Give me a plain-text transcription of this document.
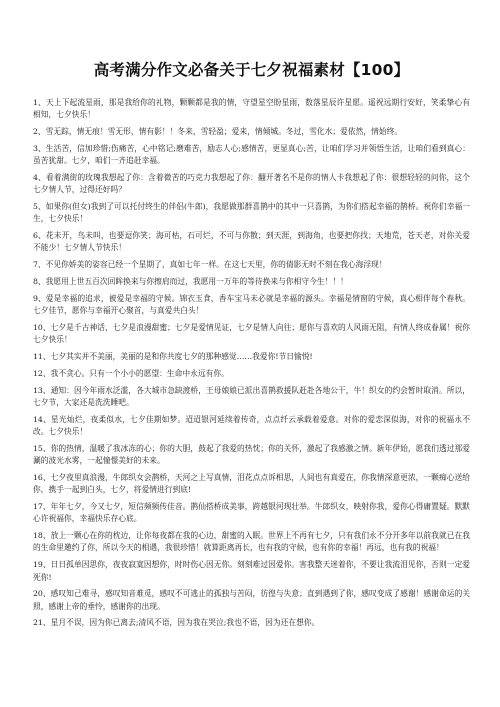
高考满分作文必备关于七夕祝福素材【100】
1、天上下起流星雨，那是我给你的礼物，颗颗都是我的情，守望星空盼星雨，数落星辰许星愿。遥祝远期行安好，笑柔挚心有相知，七夕快乐！
2、雪无踪，情无痕！雪无形，情有影！！冬来，雪轻盈；爱来，情倾城。冬过，雪化水；爱依然，情始终。
3、生活苦，信加珍惜;伤痛苦，心中铭记;磨难苦，励志人心;感情苦，更显真心;苦，让咱们学习并领悟生活，让咱们看到真心：虽苦犹甜。七夕，咱们一齐追赶幸福。
4、看着满街的玫瑰我想起了你：含着微苦的巧克力我想起了你：翻开著名不是你的情人卡我想起了你：很想轻轻的问你，这个七夕情人节，过得还好吗？
5、如果你(但女)我到了可以托付终生的伴侣(牛郎)，我愿做那群喜鹊中的其中一只喜鹊，为你们搭起幸福的鹊桥。祝你们幸福一生，七夕快乐！
6、花未开，鸟未叫，也要逗你笑；海可枯，石可烂，不可与你散；到天涯，到海角，也要把你找；天地荒，苍天老，对你关爱不能少！七夕情人节快乐！
7、不见你娇美的姿容已经一个星期了，真如七年一样。在这七天里，你的倩影无时不刻在我心海浮现！
8、我愿用上世五百次回眸换来与你擦肩而过，我愿用一万年的等待换来与你相守今生！！！
9、爱是幸福的追求，被爱是幸福的守候。锦衣玉食，香车宝马未必就是幸福的源头。幸福是情窗的守候，真心相伴每个春秋。七夕佳节，愿你与幸福开心聚首，与真爱共白头！
10、七夕是千古神话，七夕是浪漫甜蜜；七夕是爱情见证，七夕是情人向往；愿你与喜欢的人风雨无阻，有情人终成眷属！祝你七夕快乐！
11、七夕其实并不美丽，美丽的是和你共度七夕的那种感觉……我爱你!节日愉悦!
12、我不贪心。只有一个小小的愿望：生命中永远有你。
13、通知：因今年雨水泛滥，各大城市急缺渡桥，王母娘娘已派出喜鹊救援队赶赴各地公干，牛！织女的约会暂时取消。所以，七夕节，大家还是洗洗睡吧。
14、星光灿烂，夜柔似水，七夕佳期如梦。迢迢银河延续着传奇，点点纤云承载着爱意。对你的爱恋深似海，对你的祝福永不改。七夕快乐！
15、你的热情，温暖了我冰冻的心；你的大胆，鼓起了我爱的热忱；你的关怀，激起了我感激之情。新年伊始，愿我们透过那爱涮的波光水雾，一起憧憬美好的未来。
16、七夕夜里真浪漫，牛郎织女会鹊桥，天河之上写真情，泪花点点诉相思，人间也有真爱在，你我情深意更浓，一颗痴心送给你，携手一起到白头，七夕，将爱情进行到底!
17、年年七夕，今又七夕，短信频频传佳音。鹊仙搭桥成美事，跨越银河现壮举。牛郎织女，映射你我，爱你心得庸置疑。默默心许祝福你，幸福快乐存心底。
18、放上一颗心在你的枕边，让你每夜都在我的心边，甜蜜的入眠。世界上不再有七夕，只有我们永不分开多年以前我就已在我的生命里邀约了你，所以今天的相遇，我很珍惜！就算距离再长，也有我的守候，也有你的幸福！再远，也有我的祝福！
19、日日孤单因思你，夜夜寂寞因想你，时时伤心因无你。刻刻难过因爱你。害我整天迷着你，不要让我流泪见你，否则一定爱死你!
20、感叹知己难寻，感叹知音难觅，感叹不可逃止的孤独与苦闷，彷徨与失意；直到遇到了你，感叹变成了感谢！感谢命运的关照，感谢上帝的垂怜，感谢你的出现。
21、星月不误，因为你已离去;清风不语，因为我在哭泣;我也不语，因为还在想你。
